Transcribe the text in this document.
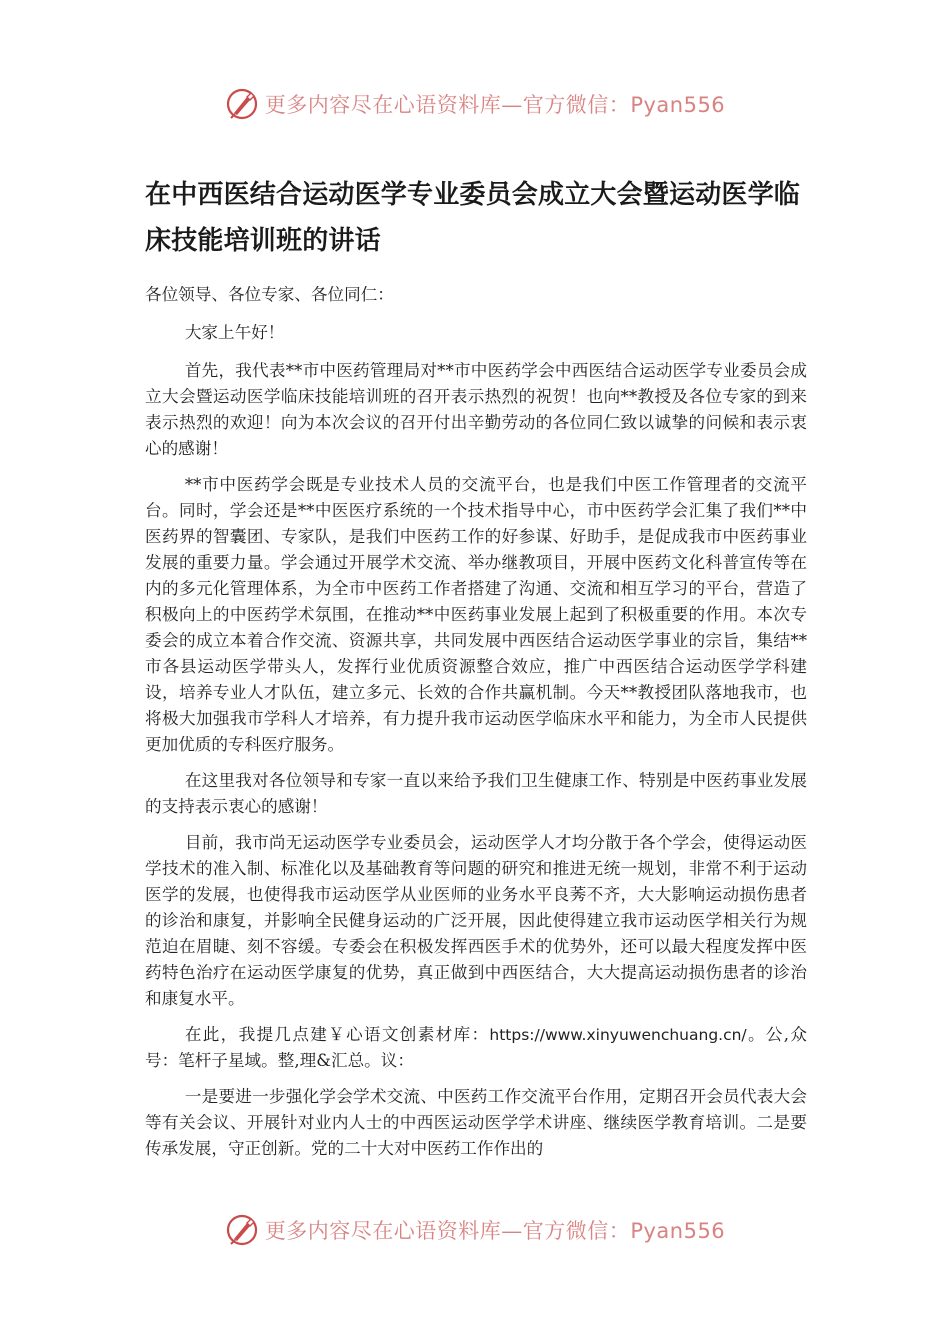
更多内容尽在心语资料库—官方微信：Pyan556
在中西医结合运动医学专业委员会成立大会暨运动医学临床技能培训班的讲话

各位领导、各位专家、各位同仁：

大家上午好！

首先，我代表**市中医药管理局对**市中医药学会中西医结合运动医学专业委员会成立大会暨运动医学临床技能培训班的召开表示热烈的祝贺！也向**教授及各位专家的到来表示热烈的欢迎！向为本次会议的召开付出辛勤劳动的各位同仁致以诚挚的问候和表示衷心的感谢！

**市中医药学会既是专业技术人员的交流平台，也是我们中医工作管理者的交流平台。同时，学会还是**中医医疗系统的一个技术指导中心，市中医药学会汇集了我们**中医药界的智囊团、专家队，是我们中医药工作的好参谋、好助手，是促成我市中医药事业发展的重要力量。学会通过开展学术交流、举办继教项目，开展中医药文化科普宣传等在内的多元化管理体系，为全市中医药工作者搭建了沟通、交流和相互学习的平台，营造了积极向上的中医药学术氛围，在推动**中医药事业发展上起到了积极重要的作用。本次专委会的成立本着合作交流、资源共享，共同发展中西医结合运动医学事业的宗旨，集结**市各县运动医学带头人，发挥行业优质资源整合效应，推广中西医结合运动医学学科建设，培养专业人才队伍，建立多元、长效的合作共赢机制。今天**教授团队落地我市，也将极大加强我市学科人才培养，有力提升我市运动医学临床水平和能力，为全市人民提供更加优质的专科医疗服务。

在这里我对各位领导和专家一直以来给予我们卫生健康工作、特别是中医药事业发展的支持表示衷心的感谢！

目前，我市尚无运动医学专业委员会，运动医学人才均分散于各个学会，使得运动医学技术的准入制、标准化以及基础教育等问题的研究和推进无统一规划，非常不利于运动医学的发展，也使得我市运动医学从业医师的业务水平良莠不齐，大大影响运动损伤患者的诊治和康复，并影响全民健身运动的广泛开展，因此使得建立我市运动医学相关行为规范迫在眉睫、刻不容缓。专委会在积极发挥西医手术的优势外，还可以最大程度发挥中医药特色治疗在运动医学康复的优势，真正做到中西医结合，大大提高运动损伤患者的诊治和康复水平。

在此，我提几点建￥心语文创素材库：https://www.xinyuwenchuang.cn/。公,众号：笔杆子星域。整,理&汇总。议：

一是要进一步强化学会学术交流、中医药工作交流平台作用，定期召开会员代表大会等有关会议、开展针对业内人士的中西医运动医学学术讲座、继续医学教育培训。二是要传承发展，守正创新。党的二十大对中医药工作作出的

更多内容尽在心语资料库—官方微信：Pyan556
